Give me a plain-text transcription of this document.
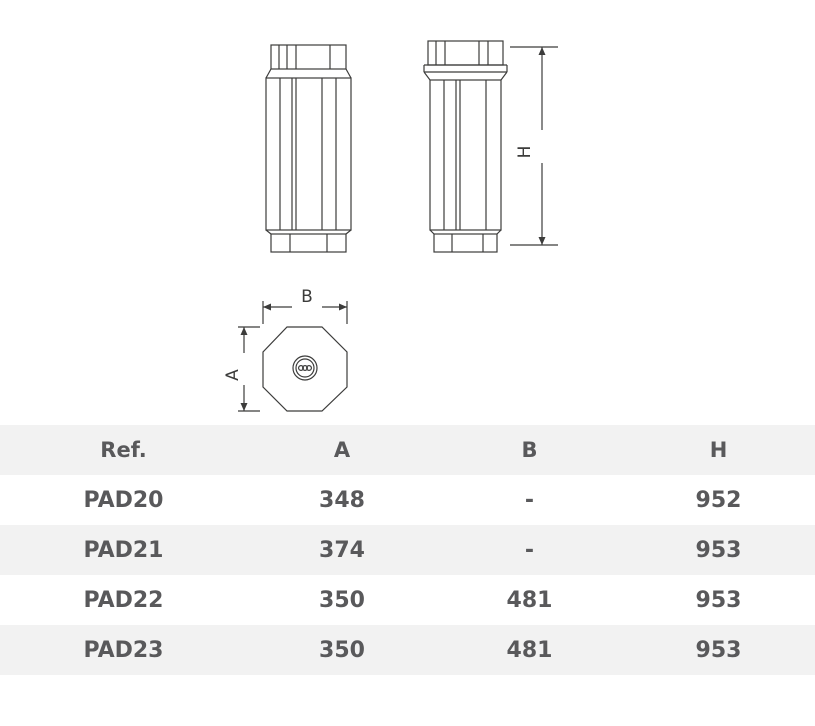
H
B
A
Ref.	A	B	H
PAD20	348	-	952
PAD21	374	-	953
PAD22	350	481	953
PAD23	350	481	953
